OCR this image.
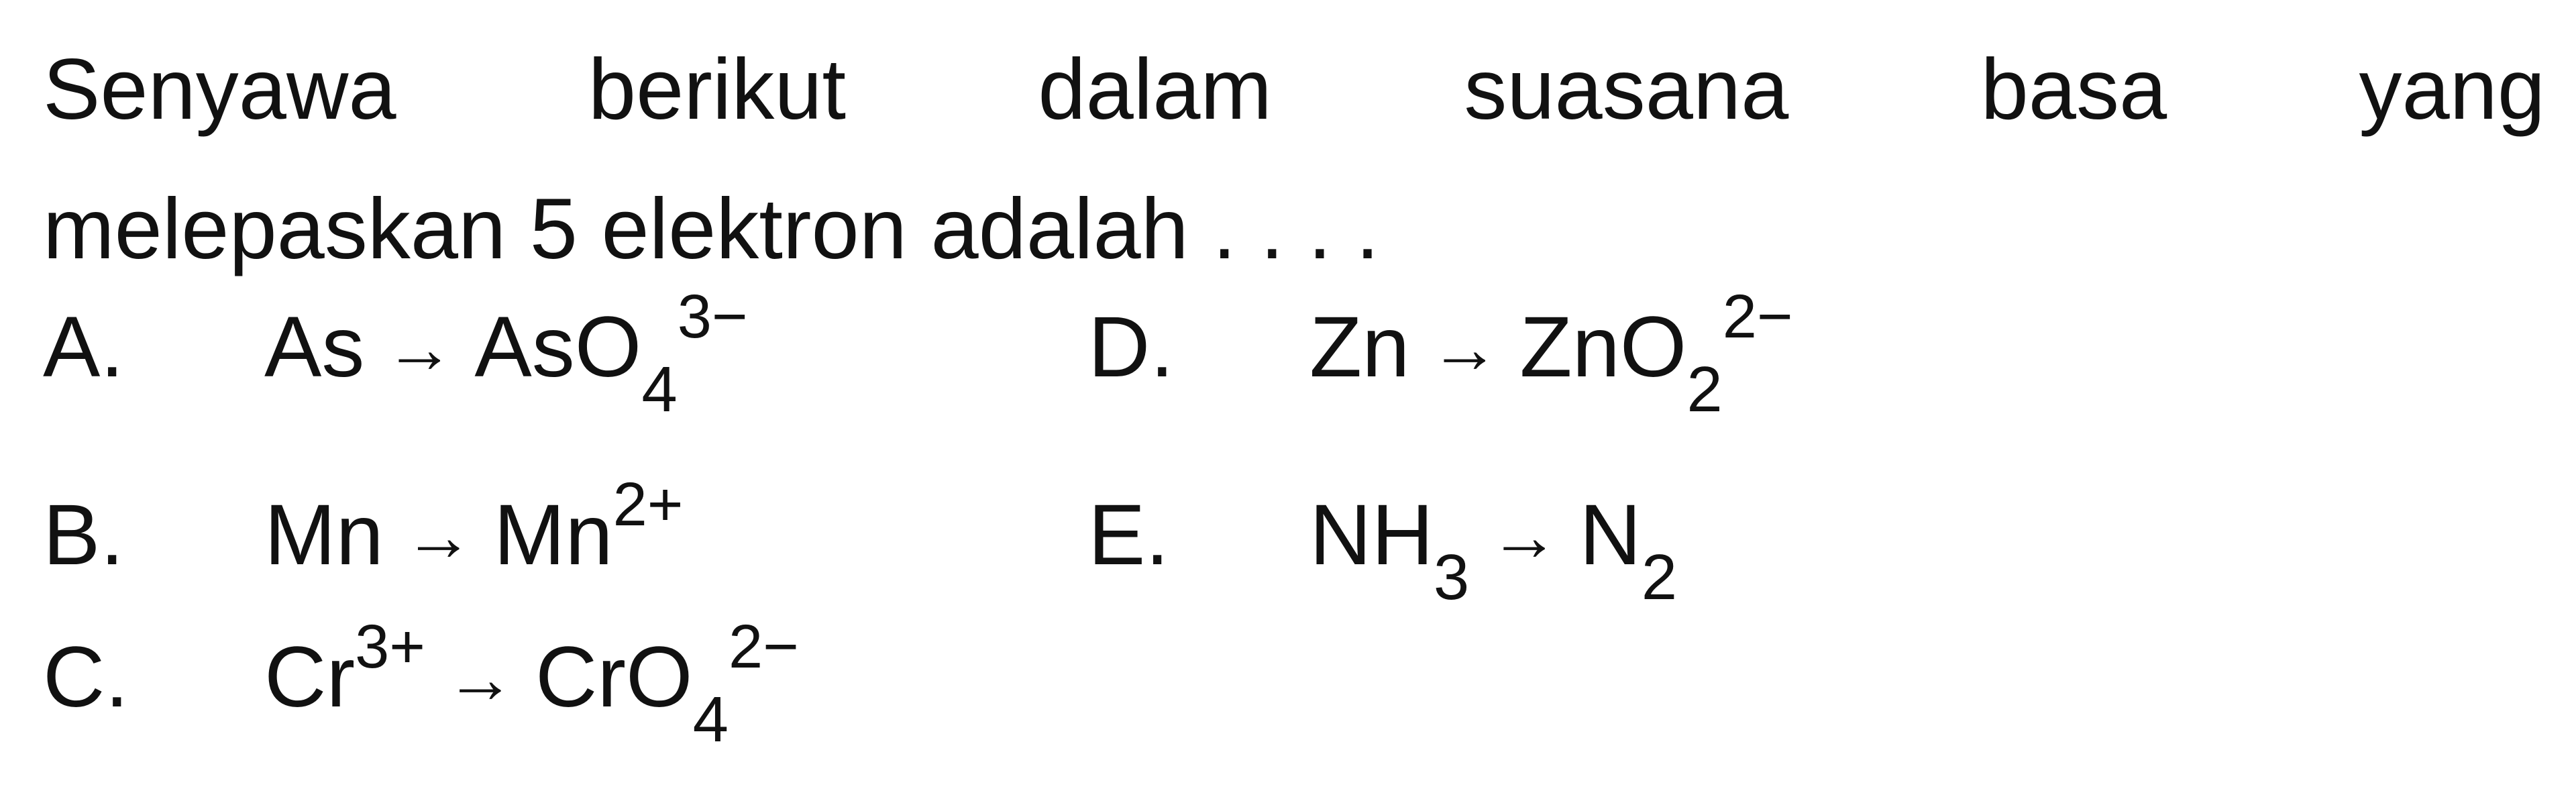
Senyawa berikut dalam suasana basa yang
melepaskan 5 elektron adalah . . . .
A. As → AsO$_4^{3-}$	D. Zn → ZnO$_2^{2-}$
B. $Mn \to Mn^{2+}$	E. $NH_3\to N_2$
C. $Cr^{3+} \to CrO_4^{2-}$
